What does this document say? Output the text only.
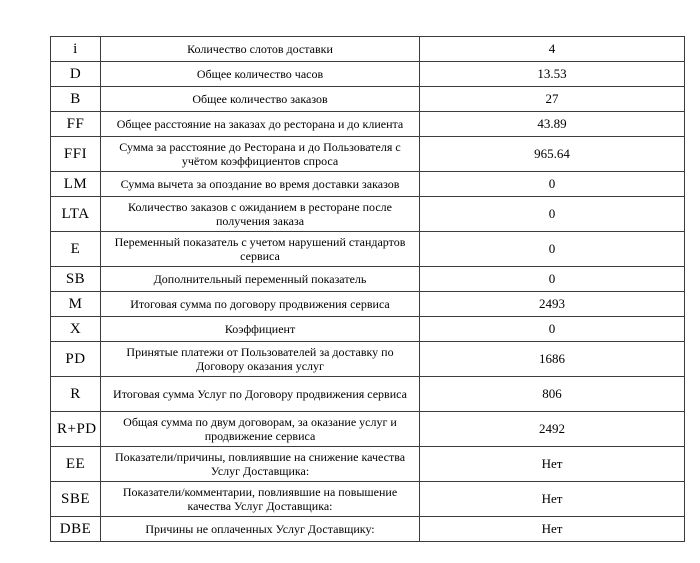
i	Количество слотов доставки	4
D	Общее количество часов	13.53
B	Общее количество заказов	27
FF	Общее расстояние на заказах до ресторана и до клиента	43.89
FFI	Сумма за расстояние до Ресторана и до Пользователя с учётом коэффициентов спроса	965.64
LM	Сумма вычета за опоздание во время доставки заказов	0
LTA	Количество заказов с ожиданием в ресторане после получения заказа	0
E	Переменный показатель с учетом нарушений стандартов сервиса	0
SB	Дополнительный переменный показатель	0
M	Итоговая сумма по договору продвижения сервиса	2493
X	Коэффициент	0
PD	Принятые платежи от Пользователей за доставку по Договору оказания услуг	1686
R	Итоговая сумма Услуг по Договору продвижения сервиса	806
R+PD	Общая сумма по двум договорам, за оказание услуг и продвижение сервиса	2492
EE	Показатели/причины, повлиявшие на снижение качества Услуг Доставщика:	Нет
SBE	Показатели/комментарии, повлиявшие на повышение качества Услуг Доставщика:	Нет
DBE	Причины не оплаченных Услуг Доставщику:	Нет
